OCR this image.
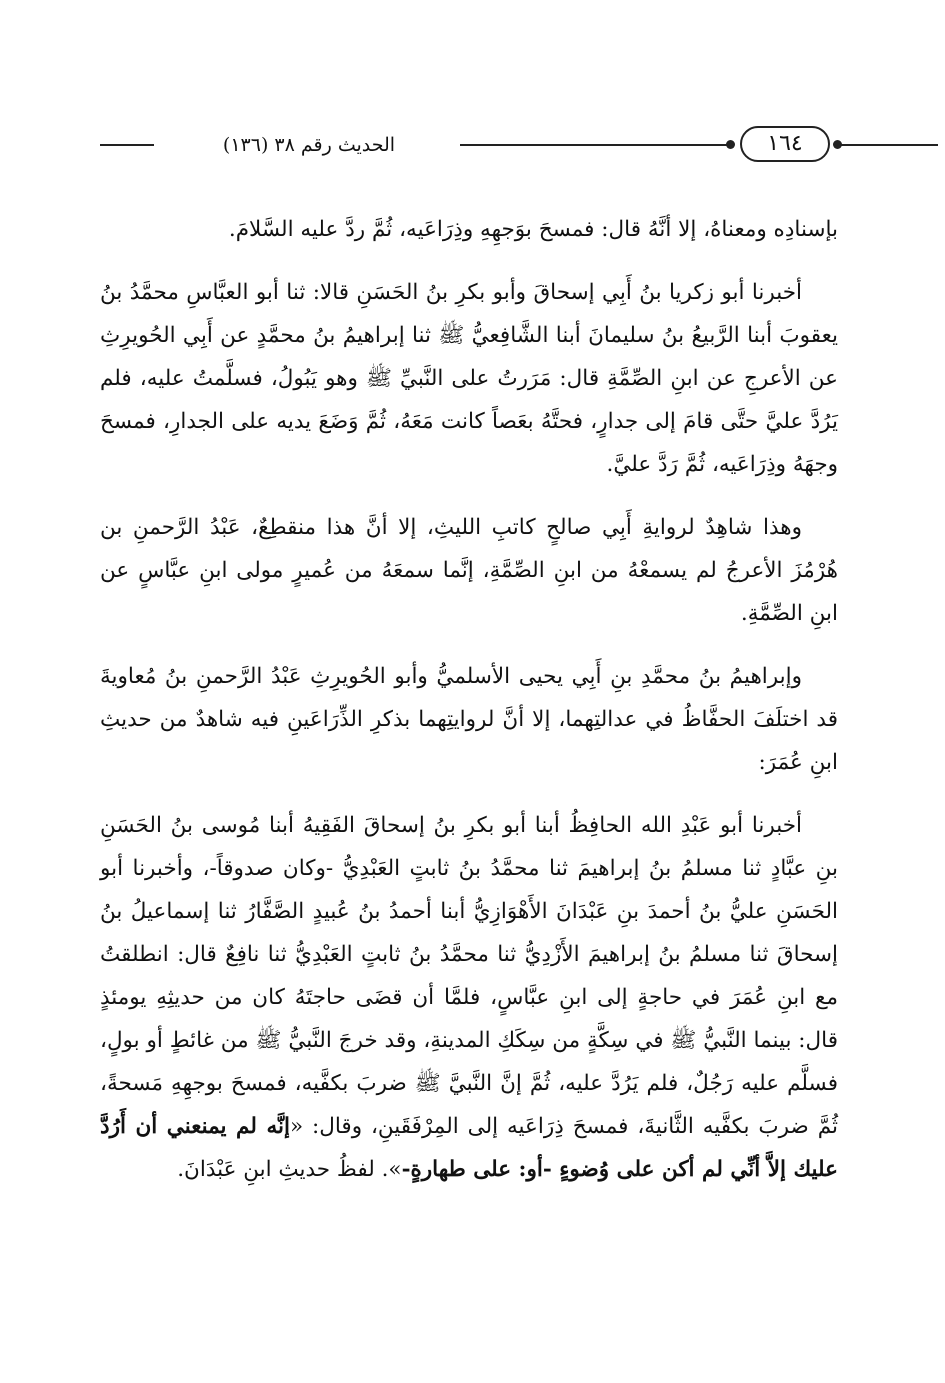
الحديث رقم ٣٨ (١٣٦)	١٦٤

بإسنادِه ومعناهُ، إلا أنَّهُ قال: فمسحَ بوَجهِهِ وذِرَاعَيه، ثُمَّ ردَّ عليه السَّلامَ.

أخبرنا أبو زكريا بنُ أَبِي إسحاقَ وأبو بكرِ بنُ الحَسَنِ قالا: ثنا أبو العبَّاسِ محمَّدُ بنُ يعقوبَ أبنا الرَّبيعُ بنُ سليمانَ أبنا الشَّافِعيُّ ﷺ ثنا إبراهيمُ بنُ محمَّدٍ عن أَبِي الحُويرِثِ عن الأعرجِ عن ابنِ الصِّمَّةِ قال: مَرَرتُ على النَّبيِّ ﷺ وهو يَبُولُ، فسلَّمتُ عليه، فلم يَرُدَّ عليَّ حتَّى قامَ إلى جدارٍ، فحتَّهُ بعَصاً كانت مَعَهُ، ثُمَّ وَضَعَ يديه على الجدارِ، فمسحَ وجهَهُ وذِرَاعَيه، ثُمَّ رَدَّ عليَّ.

وهذا شاهِدٌ لروايةِ أَبِي صالحٍ كاتبِ الليثِ، إلا أنَّ هذا منقطِعٌ، عَبْدُ الرَّحمنِ بن هُرْمُزَ الأعرجُ لم يسمعْهُ من ابنِ الصِّمَّةِ، إنَّما سمعَهُ من عُميرٍ مولى ابنِ عبَّاسٍ عن ابنِ الصِّمَّةِ.

وإبراهيمُ بنُ محمَّدِ بنِ أَبِي يحيى الأسلميُّ وأبو الحُويرِثِ عَبْدُ الرَّحمنِ بنُ مُعاويةَ قد اختلَفَ الحفَّاظُ في عدالتِهما، إلا أنَّ لروايتِهما بذكرِ الذِّرَاعَينِ فيه شاهدٌ من حديثِ ابنِ عُمَرَ:

أخبرنا أبو عَبْدِ الله الحافِظُ أبنا أبو بكرِ بنُ إسحاقَ الفَقِيهُ أبنا مُوسى بنُ الحَسَنِ بنِ عبَّادٍ ثنا مسلمُ بنُ إبراهيمَ ثنا محمَّدُ بنُ ثابتٍ العَبْدِيُّ -وكان صدوقاً-، وأخبرنا أبو الحَسَنِ عليُّ بنُ أحمدَ بنِ عَبْدَانَ الأَهْوَازِيُّ أبنا أحمدُ بنُ عُبيدٍ الصَّفَّارُ ثنا إسماعيلُ بنُ إسحاقَ ثنا مسلمُ بنُ إبراهيمَ الأَزْدِيُّ ثنا محمَّدُ بنُ ثابتٍ العَبْدِيُّ ثنا نافِعٌ قال: انطلقتُ مع ابنِ عُمَرَ في حاجةٍ إلى ابنِ عبَّاسٍ، فلمَّا أن قضَى حاجتَهُ كان من حديثِهِ يومئذٍ قال: بينما النَّبيُّ ﷺ في سِكَّةٍ من سِكَكِ المدينةِ، وقد خرجَ النَّبيُّ ﷺ من غائطٍ أو بولٍ، فسلَّم عليه رَجُلٌ، فلم يَرُدَّ عليه، ثُمَّ إنَّ النَّبيَّ ﷺ ضربَ بكفَّيه، فمسحَ بوجهِهِ مَسحةً، ثُمَّ ضربَ بكفَّيه الثَّانيةَ، فمسحَ ذِرَاعَيه إلى المِرْفَقَينِ، وقال: «إنَّه لم يمنعني أن أَرُدَّ عليك إلاَّ أنِّي لم أكن على وُضوءٍ -أو: على طهارةٍ-». لفظُ حديثِ ابنِ عَبْدَانَ.
